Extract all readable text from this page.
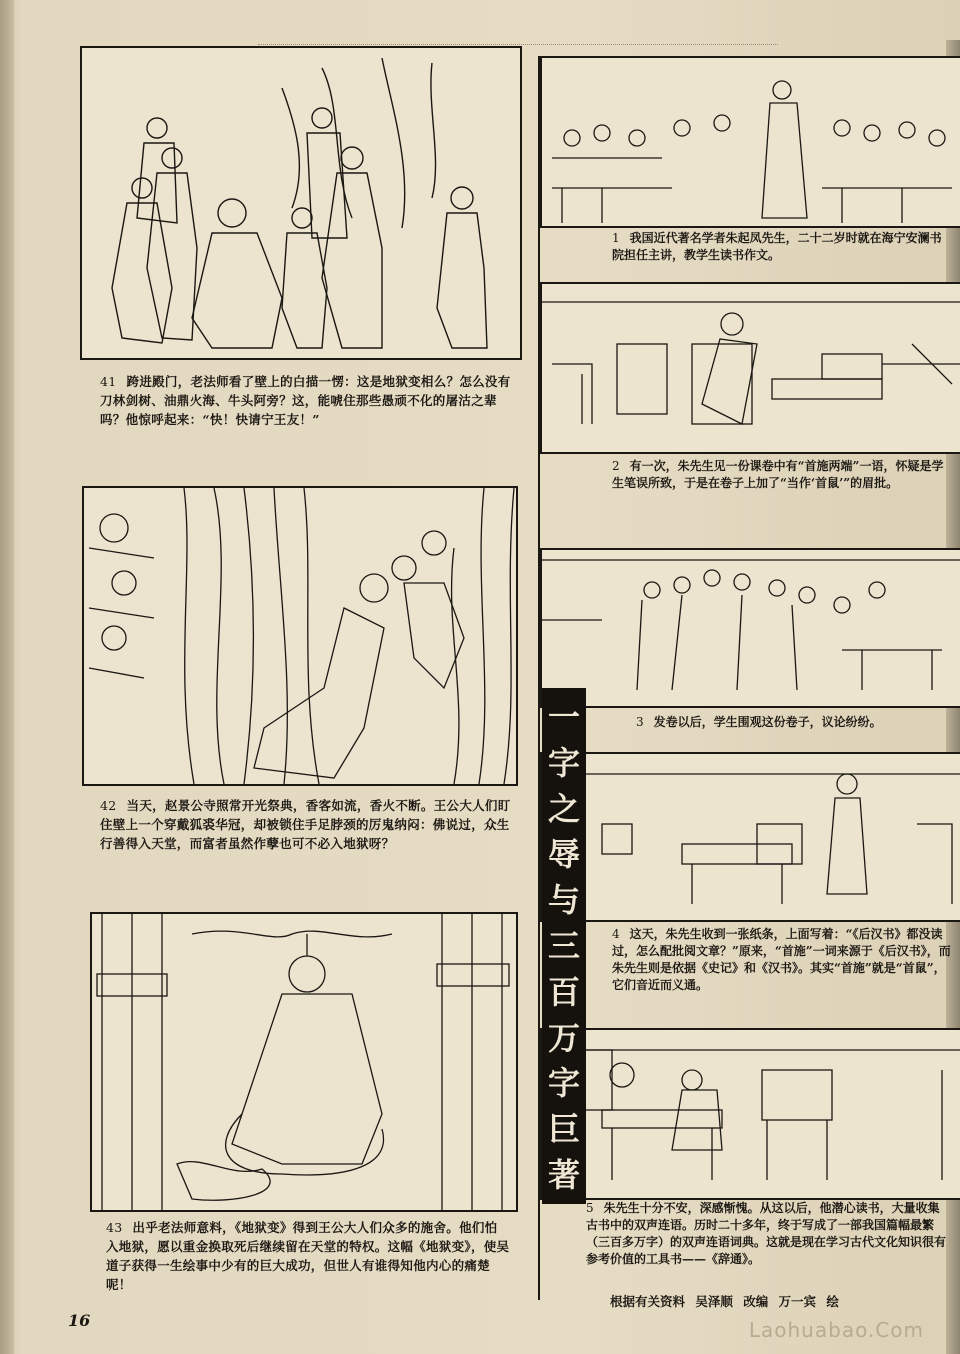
41 跨进殿门，老法师看了壁上的白描一愣：这是地狱变相么？怎么没有刀林剑树、油鼎火海、牛头阿旁？这，能唬住那些愚顽不化的屠沽之辈吗？他惊呼起来：“快！快请宁王友！”
42 当天，赵景公寺照常开光祭典，香客如流，香火不断。王公大人们盯住壁上一个穿戴狐裘华冠，却被锁住手足脖颈的厉鬼纳闷：佛说过，众生行善得入天堂，而富者虽然作孽也可不必入地狱呀？
43 出乎老法师意料，《地狱变》得到王公大人们众多的施舍。他们怕入地狱，愿以重金换取死后继续留在天堂的特权。这幅《地狱变》，使吴道子获得一生绘事中少有的巨大成功，但世人有谁得知他内心的痛楚呢！
16
1 我国近代著名学者朱起凤先生，二十二岁时就在海宁安澜书院担任主讲，教学生读书作文。
2 有一次，朱先生见一份课卷中有“首施两端”一语，怀疑是学生笔误所致，于是在卷子上加了“当作‘首鼠’”的眉批。
3 发卷以后，学生围观这份卷子，议论纷纷。
4 这天，朱先生收到一张纸条，上面写着：“《后汉书》都没读过，怎么配批阅文章？”原来，“首施”一词来源于《后汉书》，而朱先生则是依据《史记》和《汉书》。其实“首施”就是“首鼠”，它们音近而义通。
5 朱先生十分不安，深感惭愧。从这以后，他潜心读书，大量收集古书中的双声连语。历时二十多年，终于写成了一部我国篇幅最繁（三百多万字）的双声连语词典。这就是现在学习古代文化知识很有参考价值的工具书——《辞通》。
一
字
之
辱
与
三
百
万
字
巨
著
根据有关资料 吴泽顺 改编 万一宾 绘
Laohuabao.Com
